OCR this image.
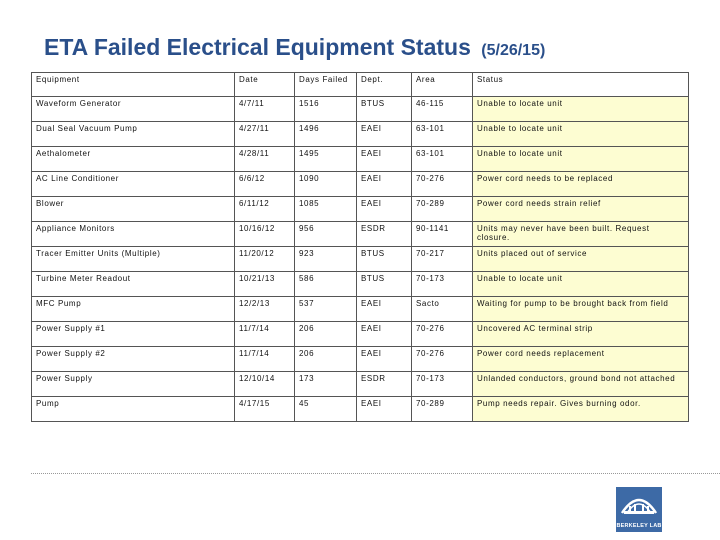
ETA Failed Electrical Equipment Status (5/26/15)
Equipment	Date	Days Failed	Dept.	Area	Status
Waveform Generator	4/7/11	1516	BTUS	46-115	Unable to locate unit
Dual Seal Vacuum Pump	4/27/11	1496	EAEI	63-101	Unable to locate unit
Aethalometer	4/28/11	1495	EAEI	63-101	Unable to locate unit
AC Line Conditioner	6/6/12	1090	EAEI	70-276	Power cord needs to be replaced
Blower	6/11/12	1085	EAEI	70-289	Power cord needs strain relief
Appliance Monitors	10/16/12	956	ESDR	90-1141	Units may never have been built. Request closure.
Tracer Emitter Units (Multiple)	11/20/12	923	BTUS	70-217	Units placed out of service
Turbine Meter Readout	10/21/13	586	BTUS	70-173	Unable to locate unit
MFC Pump	12/2/13	537	EAEI	Sacto	Waiting for pump to be brought back from field
Power Supply #1	11/7/14	206	EAEI	70-276	Uncovered AC terminal strip
Power Supply #2	11/7/14	206	EAEI	70-276	Power cord needs replacement
Power Supply	12/10/14	173	ESDR	70-173	Unlanded conductors, ground bond not attached
Pump	4/17/15	45	EAEI	70-289	Pump needs repair. Gives burning odor.
BERKELEY LAB
